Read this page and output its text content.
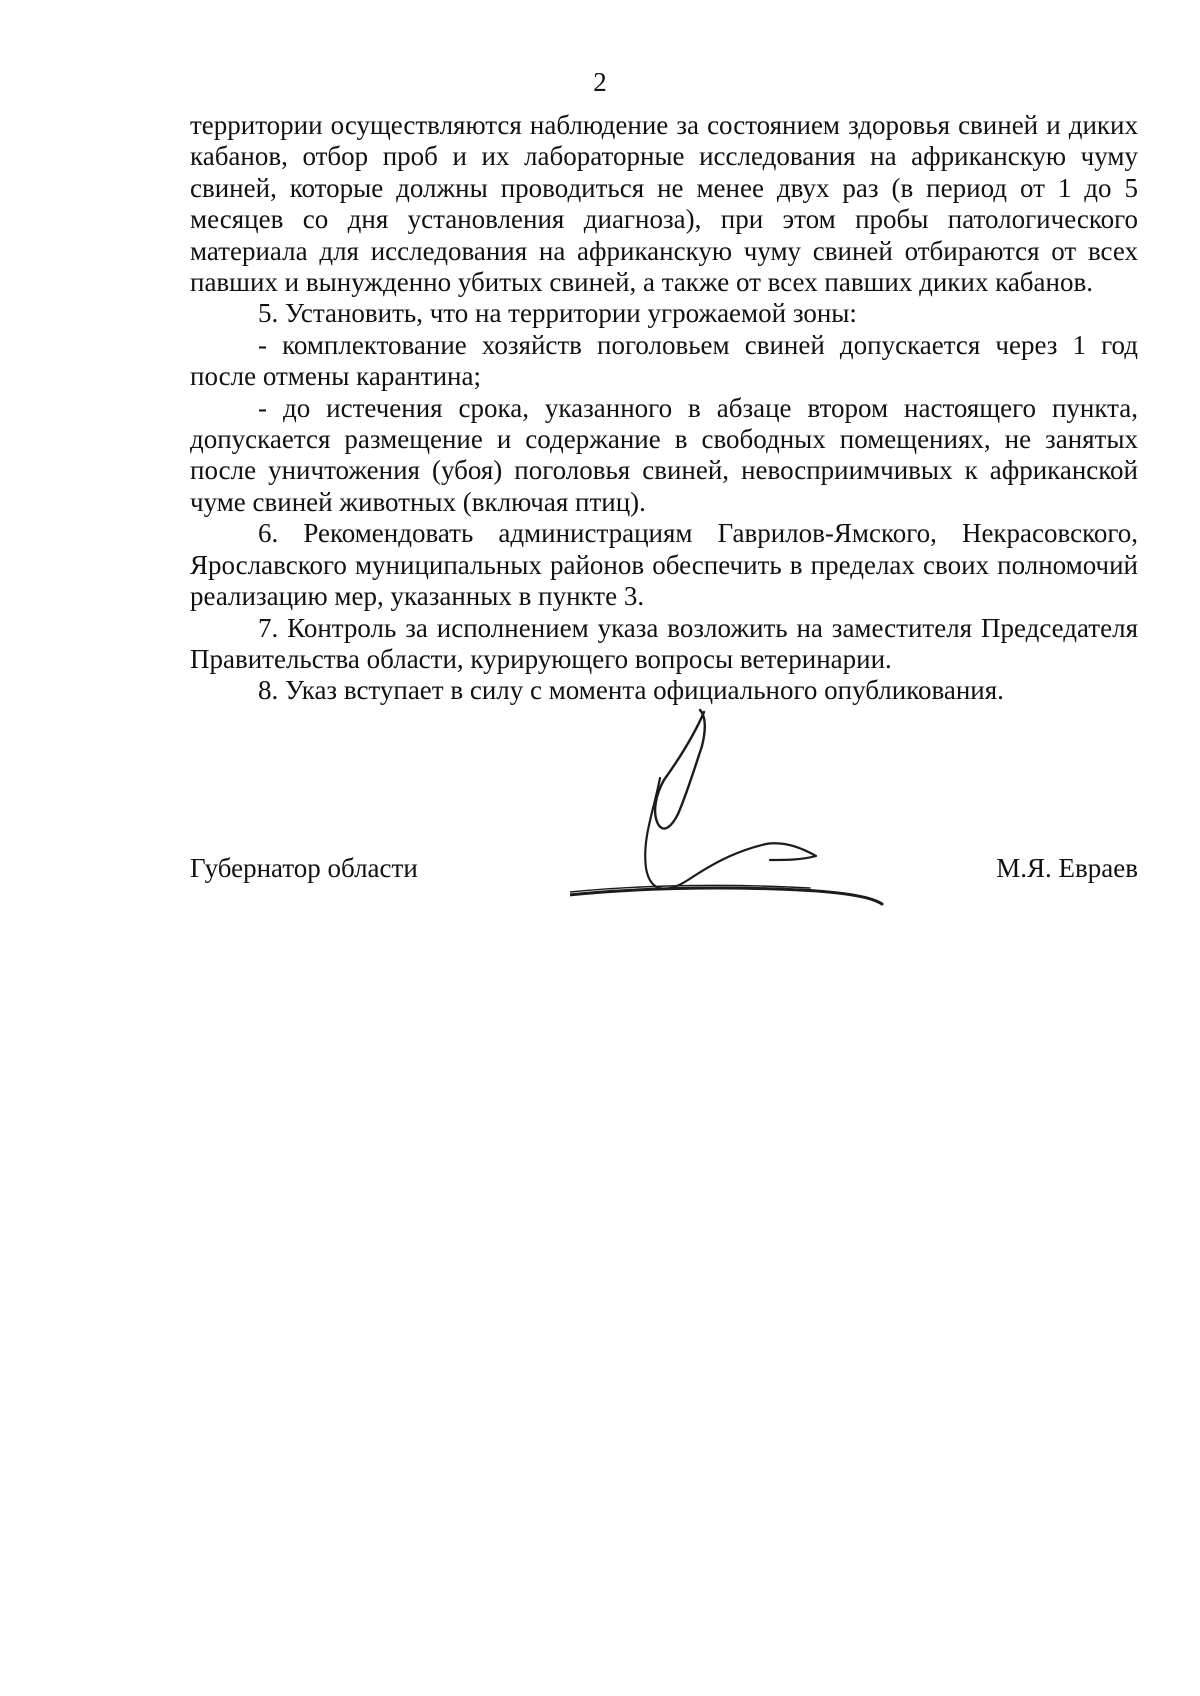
2

территории осуществляются наблюдение за состоянием здоровья свиней и диких кабанов, отбор проб и их лабораторные исследования на африканскую чуму свиней, которые должны проводиться не менее двух раз (в период от 1 до 5 месяцев со дня установления диагноза), при этом пробы патологического материала для исследования на африканскую чуму свиней отбираются от всех павших и вынужденно убитых свиней, а также от всех павших диких кабанов.

5. Установить, что на территории угрожаемой зоны:

- комплектование хозяйств поголовьем свиней допускается через 1 год после отмены карантина;

- до истечения срока, указанного в абзаце втором настоящего пункта, допускается размещение и содержание в свободных помещениях, не занятых после уничтожения (убоя) поголовья свиней, невосприимчивых к африканской чуме свиней животных (включая птиц).

6. Рекомендовать администрациям Гаврилов-Ямского, Некрасовского, Ярославского муниципальных районов обеспечить в пределах своих полномочий реализацию мер, указанных в пункте 3.

7. Контроль за исполнением указа возложить на заместителя Председателя Правительства области, курирующего вопросы ветеринарии.

8. Указ вступает в силу с момента официального опубликования.

Губернатор области	М.Я. Евраев
